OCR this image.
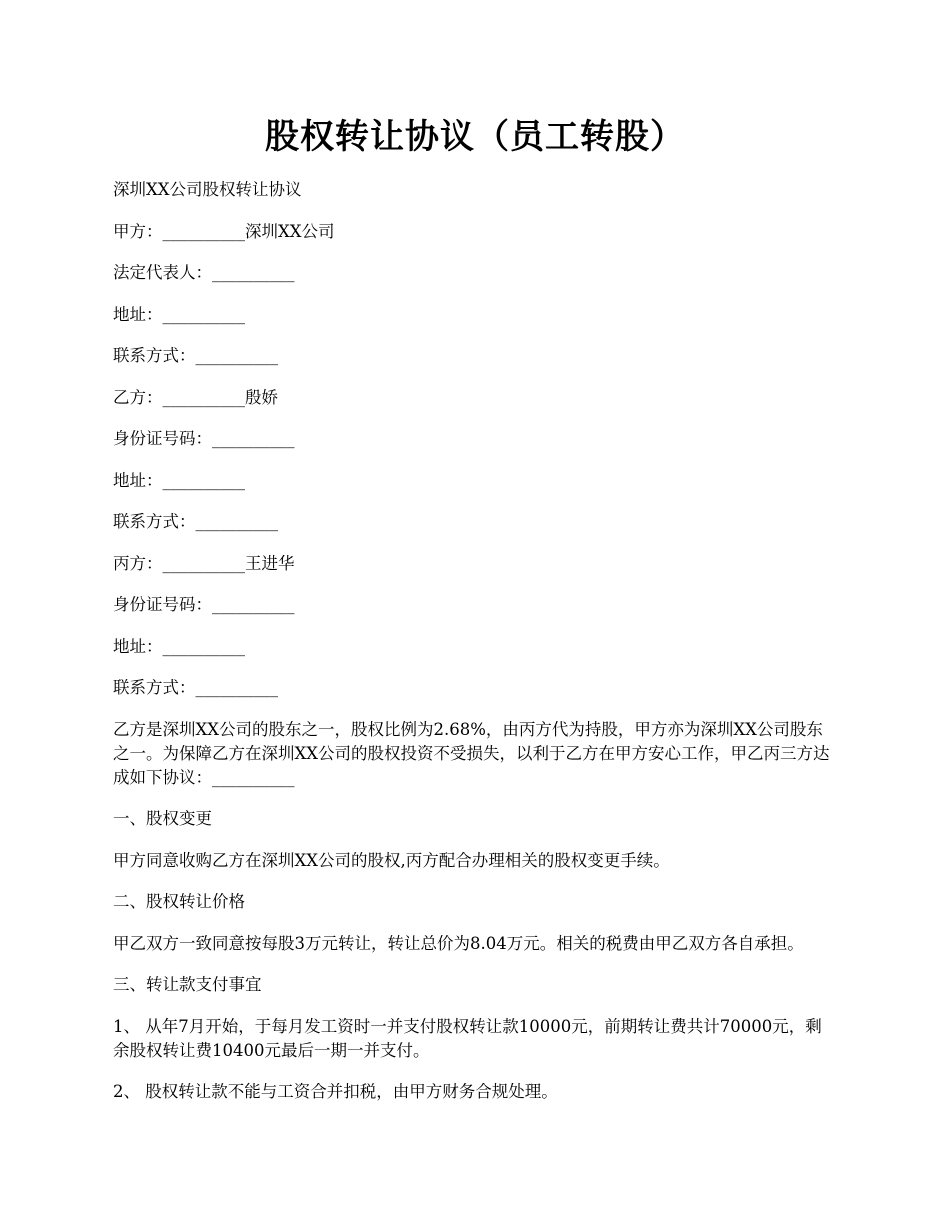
股权转让协议（员工转股）

深圳XX公司股权转让协议

甲方：__________深圳XX公司

法定代表人：__________

地址：__________

联系方式：__________

乙方：__________殷娇

身份证号码：__________

地址：__________

联系方式：__________

丙方：__________王进华

身份证号码：__________

地址：__________

联系方式：__________

乙方是深圳XX公司的股东之一，股权比例为2.68%，由丙方代为持股，甲方亦为深圳XX公司股东之一。为保障乙方在深圳XX公司的股权投资不受损失，以利于乙方在甲方安心工作，甲乙丙三方达成如下协议：__________

一、股权变更

甲方同意收购乙方在深圳XX公司的股权,丙方配合办理相关的股权变更手续。

二、股权转让价格

甲乙双方一致同意按每股3万元转让，转让总价为8.04万元。相关的税费由甲乙双方各自承担。

三、转让款支付事宜

1、 从年7月开始，于每月发工资时一并支付股权转让款10000元，前期转让费共计70000元，剩余股权转让费10400元最后一期一并支付。

2、 股权转让款不能与工资合并扣税，由甲方财务合规处理。
